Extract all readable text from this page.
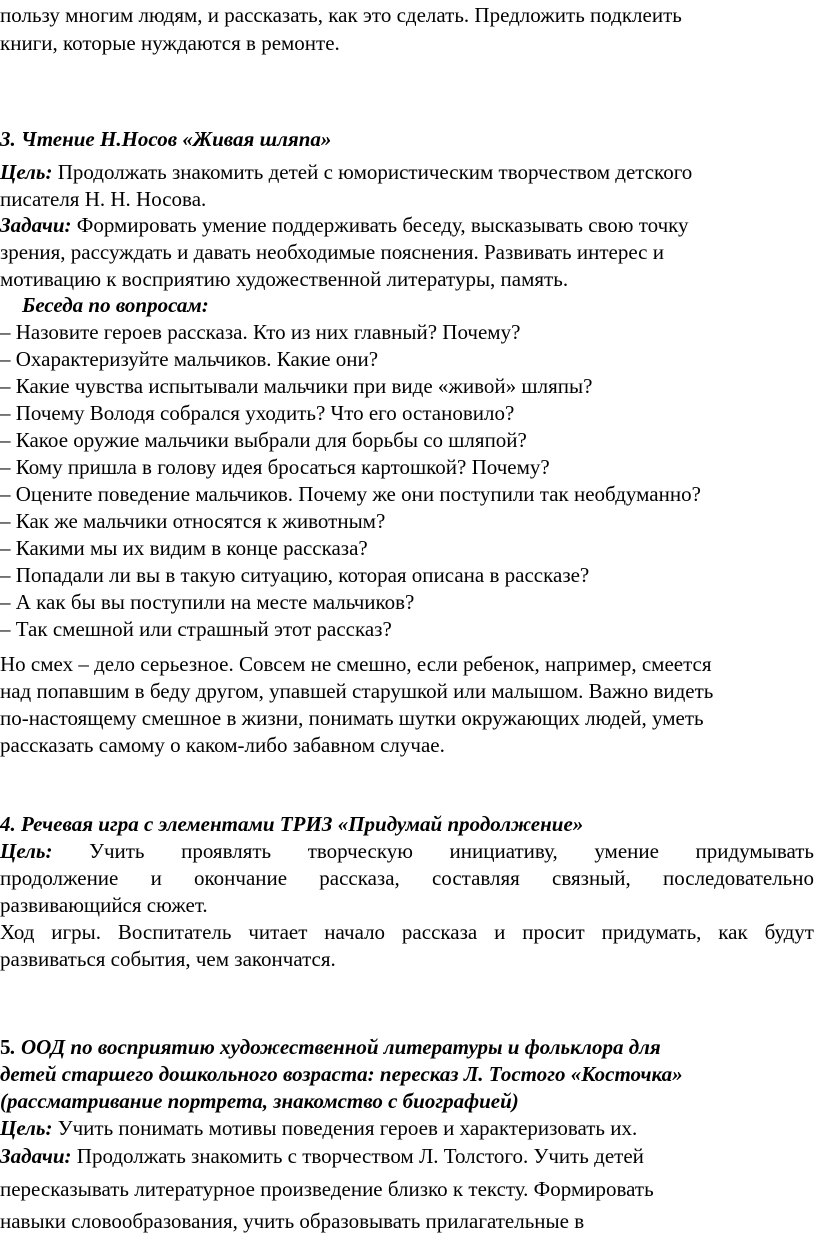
пользу многим людям, и рассказать, как это сделать. Предложить подклеить
книги, которые нуждаются в ремонте.
3. Чтение Н.Носов «Живая шляпа»
Цель: Продолжать знакомить детей с юмористическим творчеством детского
писателя Н. Н. Носова.
Задачи: Формировать умение поддерживать беседу, высказывать свою точку
зрения, рассуждать и давать необходимые пояснения. Развивать интерес и
мотивацию к восприятию художественной литературы, память.
Беседа по вопросам:
– Назовите героев рассказа. Кто из них главный? Почему?
– Охарактеризуйте мальчиков. Какие они?
– Какие чувства испытывали мальчики при виде «живой» шляпы?
– Почему Володя собрался уходить? Что его остановило?
– Какое оружие мальчики выбрали для борьбы со шляпой?
– Кому пришла в голову идея бросаться картошкой? Почему?
– Оцените поведение мальчиков. Почему же они поступили так необдуманно?
– Как же мальчики относятся к животным?
– Какими мы их видим в конце рассказа?
– Попадали ли вы в такую ситуацию, которая описана в рассказе?
– А как бы вы поступили на месте мальчиков?
– Так смешной или страшный этот рассказ?
Но смех – дело серьезное. Совсем не смешно, если ребенок, например, смеется
над попавшим в беду другом, упавшей старушкой или малышом. Важно видеть
по-настоящему смешное в жизни, понимать шутки окружающих людей, уметь
рассказать самому о каком-либо забавном случае.
4. Речевая игра с элементами ТРИЗ «Придумай продолжение»
Цель: Учить проявлять творческую инициативу, умение придумывать
продолжение и окончание рассказа, составляя связный, последовательно
развивающийся сюжет.
Ход игры. Воспитатель читает начало рассказа и просит придумать, как будут
развиваться события, чем закончатся.
5. ООД по восприятию художественной литературы и фольклора для
детей старшего дошкольного возраста: пересказ Л. Тостого «Косточка»
(рассматривание портрета, знакомство с биографией)
Цель: Учить понимать мотивы поведения героев и характеризовать их.
Задачи: Продолжать знакомить с творчеством Л. Толстого. Учить детей
пересказывать литературное произведение близко к тексту. Формировать
навыки словообразования, учить образовывать прилагательные в
